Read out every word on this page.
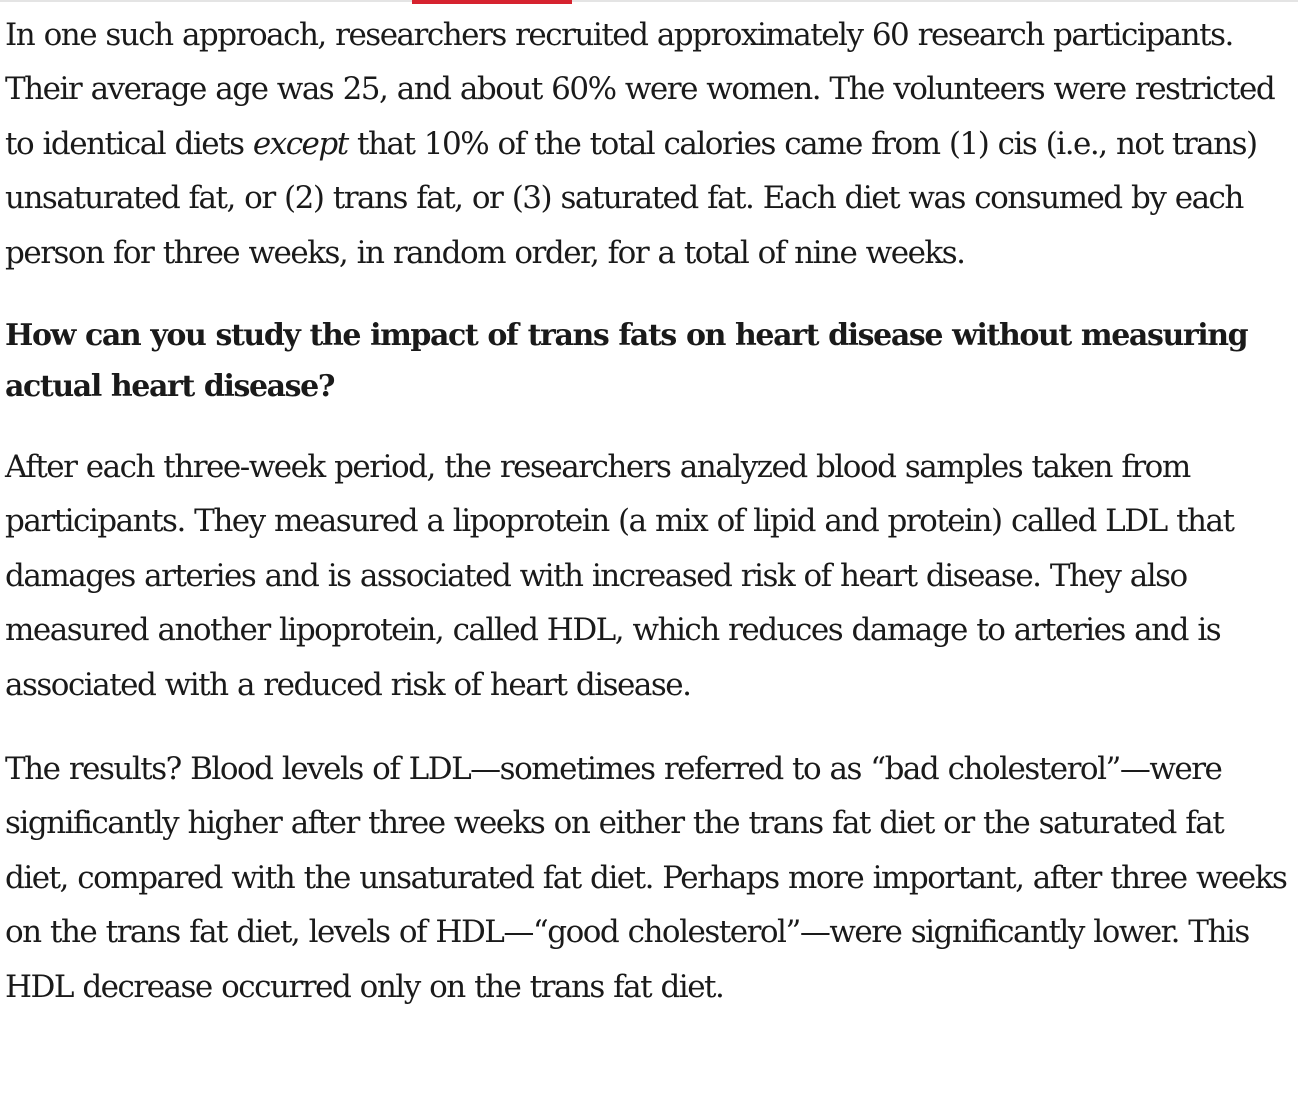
In one such approach, researchers recruited approximately 60 research participants. Their average age was 25, and about 60% were women. The volunteers were restricted to identical diets except that 10% of the total calories came from (1) cis (i.e., not trans) unsaturated fat, or (2) trans fat, or (3) saturated fat. Each diet was consumed by each person for three weeks, in random order, for a total of nine weeks.

How can you study the impact of trans fats on heart disease without measuring actual heart disease?

After each three-week period, the researchers analyzed blood samples taken from participants. They measured a lipoprotein (a mix of lipid and protein) called LDL that damages arteries and is associated with increased risk of heart disease. They also measured another lipoprotein, called HDL, which reduces damage to arteries and is associated with a reduced risk of heart disease.

The results? Blood levels of LDL—sometimes referred to as “bad cholesterol”—were significantly higher after three weeks on either the trans fat diet or the saturated fat diet, compared with the unsaturated fat diet. Perhaps more important, after three weeks on the trans fat diet, levels of HDL—“good cholesterol”—were significantly lower. This HDL decrease occurred only on the trans fat diet.
